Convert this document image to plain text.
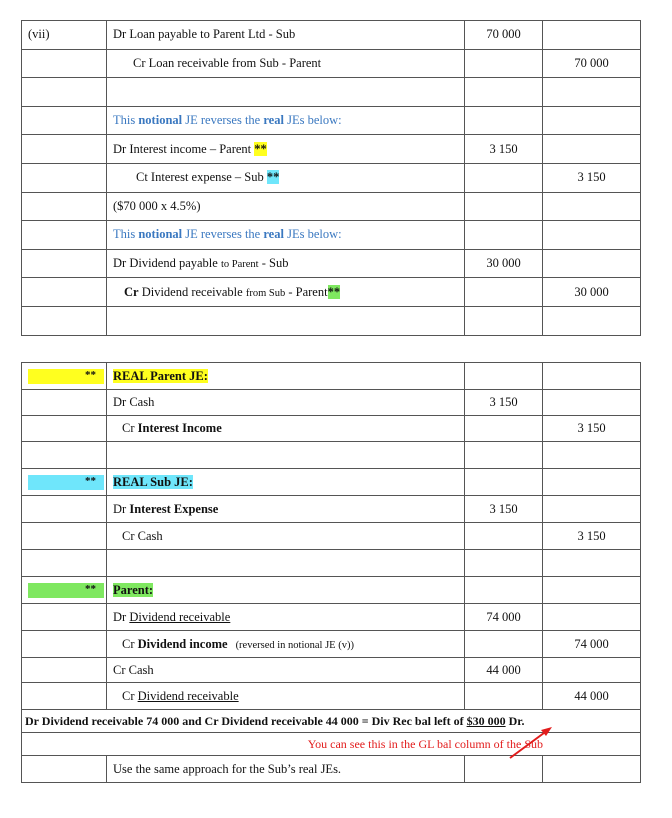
(vii)	Dr Loan payable to Parent Ltd - Sub	70 000	
	Cr Loan receivable from Sub - Parent		70 000

	This notional JE reverses the real JEs below:		
	Dr Interest income – Parent **	3 150	
	Ct Interest expense – Sub **		3 150
	($70 000 x 4.5%)		
	This notional JE reverses the real JEs below:		
	Dr Dividend payable to Parent - Sub	30 000	
	Cr Dividend receivable from Sub - Parent**		30 000

**	REAL Parent JE:		
	Dr Cash	3 150	
	Cr Interest Income		3 150

**	REAL Sub JE:		
	Dr Interest Expense	3 150	
	Cr Cash		3 150

**	Parent:		
	Dr Dividend receivable	74 000	
	Cr Dividend income (reversed in notional JE (v))		74 000
	Cr Cash	44 000	
	Cr Dividend receivable		44 000
Dr Dividend receivable 74 000 and Cr Dividend receivable 44 000 = Div Rec bal left of $30 000 Dr.			
You can see this in the GL bal column of the Sub			
	Use the same approach for the Sub’s real JEs.		
